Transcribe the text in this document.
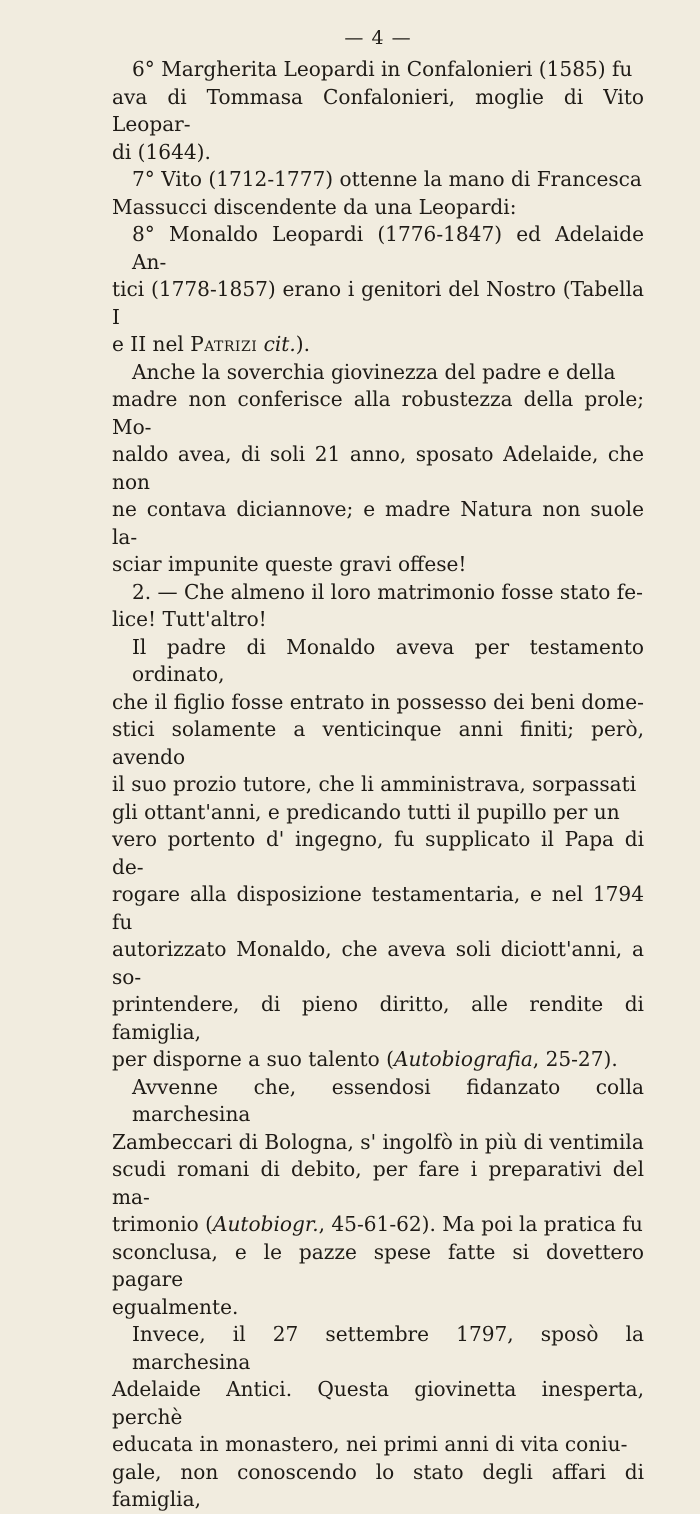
— 4 —

6° Margherita Leopardi in Confalonieri (1585) fu
ava di Tommasa Confalonieri, moglie di Vito Leopar-
di (1644).

7° Vito (1712-1777) ottenne la mano di Francesca
Massucci discendente da una Leopardi:

8° Monaldo Leopardi (1776-1847) ed Adelaide An-
tici (1778-1857) erano i genitori del Nostro (Tabella I
e II nel Patrizi cit.).

Anche la soverchia giovinezza del padre e della
madre non conferisce alla robustezza della prole; Mo-
naldo avea, di soli 21 anno, sposato Adelaide, che non
ne contava diciannove; e madre Natura non suole la-
sciar impunite queste gravi offese!

2. — Che almeno il loro matrimonio fosse stato fe-
lice! Tutt'altro!

Il padre di Monaldo aveva per testamento ordinato,
che il figlio fosse entrato in possesso dei beni dome-
stici solamente a venticinque anni finiti; però, avendo
il suo prozio tutore, che li amministrava, sorpassati
gli ottant'anni, e predicando tutti il pupillo per un
vero portento d' ingegno, fu supplicato il Papa di de-
rogare alla disposizione testamentaria, e nel 1794 fu
autorizzato Monaldo, che aveva soli diciott'anni, a so-
printendere, di pieno diritto, alle rendite di famiglia,
per disporne a suo talento (Autobiografia, 25-27).

Avvenne che, essendosi fidanzato colla marchesina
Zambeccari di Bologna, s' ingolfò in più di ventimila
scudi romani di debito, per fare i preparativi del ma-
trimonio (Autobiogr., 45-61-62). Ma poi la pratica fu
sconclusa, e le pazze spese fatte si dovettero pagare
egualmente.

Invece, il 27 settembre 1797, sposò la marchesina
Adelaide Antici. Questa giovinetta inesperta, perchè
educata in monastero, nei primi anni di vita coniu-
gale, non conoscendo lo stato degli affari di famiglia,
